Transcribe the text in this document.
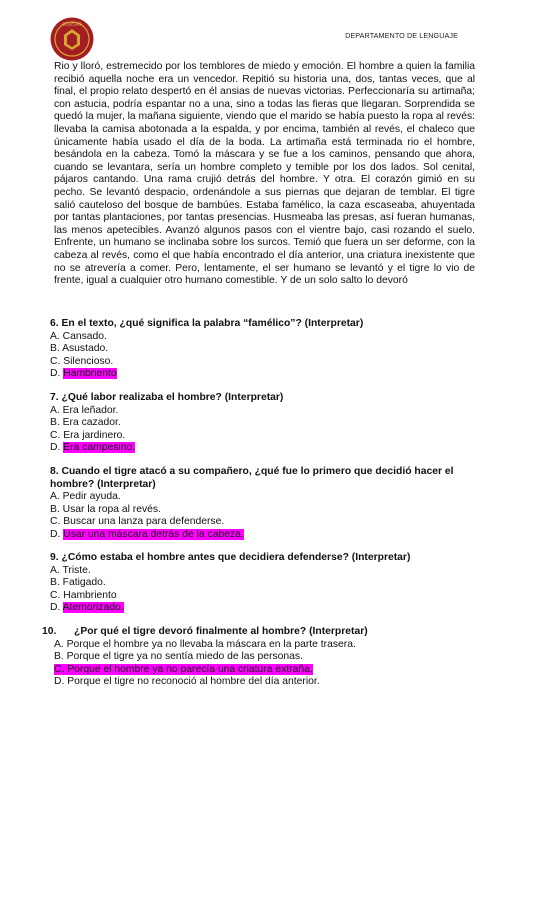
COLEGIO
DEPARTAMENTO DE LENGUAJE

Rio y lloró, estremecido por los temblores de miedo y emoción. El hombre a quien la familia recibió aquella noche era un vencedor. Repitió su historia una, dos, tantas veces, que al final, el propio relato despertó en él ansias de nuevas victorias. Perfeccionaría su artimaña; con astucia, podría espantar no a una, sino a todas las fieras que llegaran. Sorprendida se quedó la mujer, la mañana siguiente, viendo que el marido se había puesto la ropa al revés: llevaba la camisa abotonada a la espalda, y por encima, también al revés, el chaleco que únicamente había usado el día de la boda. La artimaña está terminada rio el hombre, besándola en la cabeza. Tomó la máscara y se fue a los caminos, pensando que ahora, cuando se levantara, sería un hombre completo y temible por los dos lados. Sol cenital, pájaros cantando. Una rama crujió detrás del hombre. Y otra. El corazón gimió en su pecho. Se levantó despacio, ordenándole a sus piernas que dejaran de temblar. El tigre salió cauteloso del bosque de bambúes. Estaba famélico, la caza escaseaba, ahuyentada por tantas plantaciones, por tantas presencias. Husmeaba las presas, así fueran humanas, las menos apetecibles. Avanzó algunos pasos con el vientre bajo, casi rozando el suelo. Enfrente, un humano se inclinaba sobre los surcos. Temió que fuera un ser deforme, con la cabeza al revés, como el que había encontrado el día anterior, una criatura inexistente que no se atrevería a comer. Pero, lentamente, el ser humano se levantó y el tigre lo vio de frente, igual a cualquier otro humano comestible. Y de un solo salto lo devoró

6. En el texto, ¿qué significa la palabra “famélico”? (Interpretar)

A. Cansado.

B. Asustado.

C. Silencioso.

D. Hambriento

7. ¿Qué labor realizaba el hombre? (Interpretar)

A. Era leñador.

B. Era cazador.

C. Era jardinero.

D. Era campesino.

8. Cuando el tigre atacó a su compañero, ¿qué fue lo primero que decidió hacer el

hombre? (Interpretar)

A. Pedir ayuda.

B. Usar la ropa al revés.

C. Buscar una lanza para defenderse.

D. Usar una máscara detrás de la cabeza.

9. ¿Cómo estaba el hombre antes que decidiera defenderse? (Interpretar)

A. Triste.

B. Fatigado.

C. Hambriento

D. Atemorizado.

10. ¿Por qué el tigre devoró finalmente al hombre? (Interpretar)

A. Porque el hombre ya no llevaba la máscara en la parte trasera.

B. Porque el tigre ya no sentía miedo de las personas.

C. Porque el hombre ya no parecía una criatura extraña.

D. Porque el tigre no reconoció al hombre del día anterior.
